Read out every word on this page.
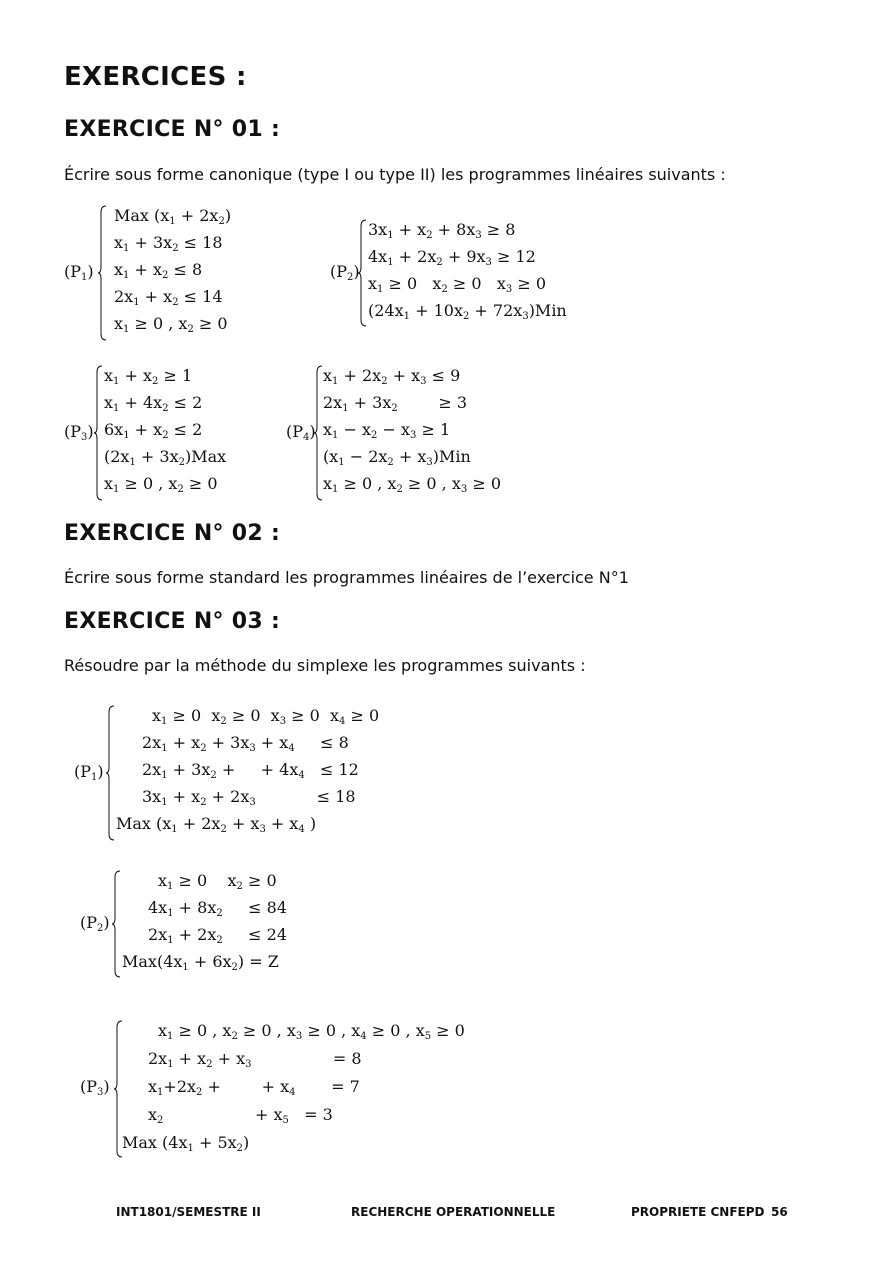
EXERCICES :
EXERCICE N° 01 :

Écrire sous forme canonique (type I ou type II) les programmes linéaires suivants :

$(P_1)$
Max $(x_1 + 2x_2)$
$x_1 + 3x_2 \le 18$
$x_1 + x_2 \le 8$
$2x_1 + x_2 \le 14$
$x_1 \ge 0$ , $x_2 \ge 0$
$(P_2)$
$3x_1 + x_2 + 8x_3 \ge 8$
$4x_1 + 2x_2 + 9x_3 \ge 12$
$x_1 \ge 0$   $x_2 \ge 0$   $x_3 \ge 0$
$(24x_1 + 10x_2 + 72x_3)Min$
$(P_3)$
$x_1 + x_2 \ge 1$
$x_1 + 4x_2 \le 2$
$6x_1 + x_2 \le 2$
$(2x_1 + 3x_2)Max$
$x_1 \ge 0$ , $x_2 \ge 0$
$(P_4)$
$x_1 + 2x_2 + x_3 \le 9$
$2x_1 + 3x_2$        ≥ 3
$x_1 - x_2 - x_3 \ge 1$
$(x_1 - 2x_2 + x_3)Min$
$x_1 \ge 0$ , $x_2 \ge 0$ , $x_3 \ge 0$
EXERCICE N° 02 :

Écrire sous forme standard les programmes linéaires de l’exercice N°1

EXERCICE N° 03 :

Résoudre par la méthode du simplexe les programmes suivants :

$(P_1)$
$x_1 \ge 0$  $x_2 \ge 0$  $x_3 \ge 0$  $x_4 \ge 0$
$2x_1 + x_2 + 3x_3 + x_4$     ≤ 8
$2x_1 + 3x_2$ +     + $4x_4 \le 12$
$3x_1 + x_2 + 2x_3$            ≤ 18
Max ($x_1 + 2x_2 + x_3 + x_4$ )
$(P_2)$
$x_1 \ge 0$    $x_2 \ge 0$
$4x_1 + 8x_2$     ≤ 84
$2x_1 + 2x_2$     ≤ 24
$Max(4x_1 + 6x_2) = Z$
$(P_3)$
$x_1 \ge 0$ , $x_2 \ge 0$ , $x_3 \ge 0$ , $x_4 \ge 0$ , $x_5 \ge 0$
$2x_1 + x_2 + x_3$                = 8
$x_1+2x_2$ +        + $x_4$       = 7
$x_2$                  + $x_5 = 3$
Max $(4x_1 + 5x_2)$
INT1801/SEMESTRE II	RECHERCHE OPERATIONNELLE	PROPRIETE CNFEPD 56
